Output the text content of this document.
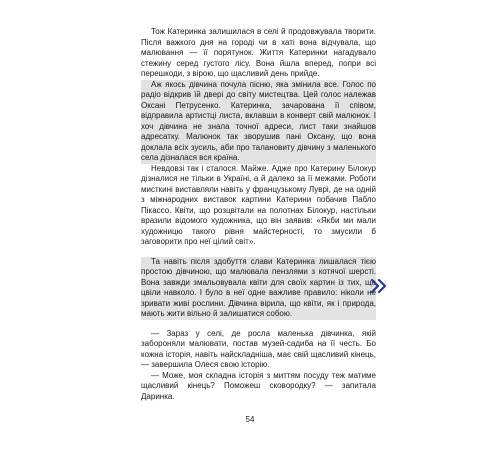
Тож Катеринка залишилася в селі й продовжувала творити. Після важкого дня на городі чи в хаті вона відчувала, що малювання — її порятунок. Життя Катеринки нагадувало стежину серед густого лісу. Вона йшла вперед, попри всі перешкоди, з вірою, що щасливий день прийде.

Аж якось дівчина почула пісню, яка змінила все. Голос по радіо відкрив їй двері до світу мистецтва. Цей голос належав Оксані Петрусенко. Катеринка, зачарована її співом, відправила артистці листа, вклавши в конверт свій малюнок. І хоч дівчина не знала точної адреси, лист таки знайшов адресатку. Малюнок так зворушив пані Оксану, що вона доклала всіх зусиль, аби про талановиту дівчину з маленького села дізналася вся країна.

Невдовзі так і сталося. Майже. Адже про Катерину Білокур дізналися не тільки в Україні, а й далеко за її межами. Роботи мисткині виставляли навіть у французькому Луврі, де на одній з міжнародних виставок картини Катерини побачив Пабло Пікассо. Квіти, що розцвітали на полотнах Білокур, настільки вразили відомого художника, що він заявив: «Якби ми мали художницю такого рівня майстерності, то змусили б заговорити про неї цілий світ».

Та навіть після здобуття слави Катеринка лишалася тією простою дівчиною, що малювала пензлями з котячої шерсті. Вона завжди змальовувала квіти для своїх картин із тих, що цвіли навколо. І було в неї одне важливе правило: ніколи не зривати живі рослини. Дівчина вірила, що квіти, як і природа, мають жити вільно й залишатися собою.

— Зараз у селі, де росла маленька дівчинка, якій забороняли малювати, постав музей-садиба на її честь. Бо кожна історія, навіть найскладніша, має свій щасливий кінець, — завершила Олеся свою історію.

— Може, моя складна історія з миттям посуду теж матиме щасливий кінець? Поможеш сковородку? — запитала Даринка.

54
